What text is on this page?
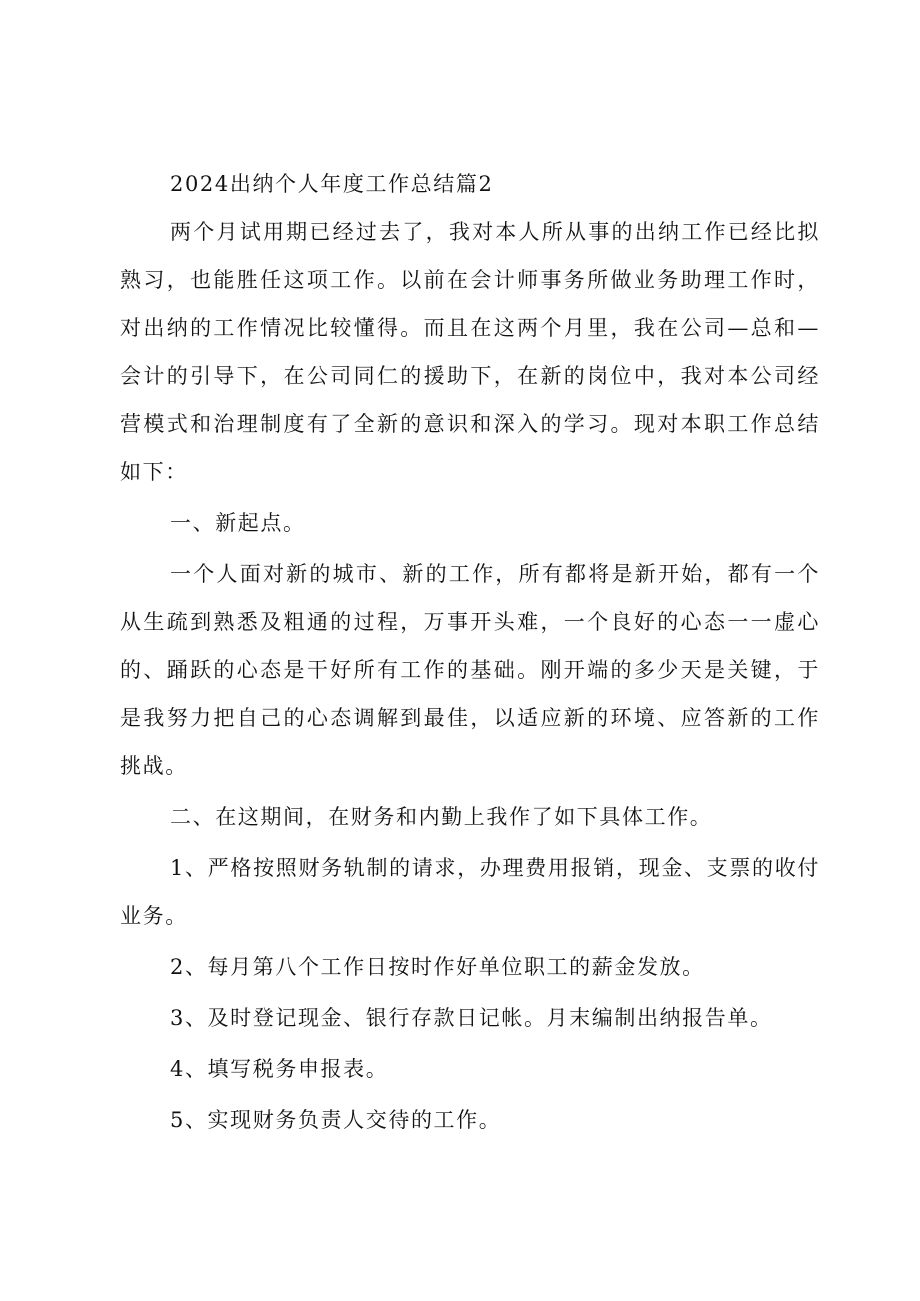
2024出纳个人年度工作总结篇2

两个月试用期已经过去了，我对本人所从事的出纳工作已经比拟熟习，也能胜任这项工作。以前在会计师事务所做业务助理工作时，对出纳的工作情况比较懂得。而且在这两个月里，我在公司—总和—会计的引导下，在公司同仁的援助下，在新的岗位中，我对本公司经营模式和治理制度有了全新的意识和深入的学习。现对本职工作总结如下：

一、新起点。

一个人面对新的城市、新的工作，所有都将是新开始，都有一个从生疏到熟悉及粗通的过程，万事开头难，一个良好的心态一一虚心的、踊跃的心态是干好所有工作的基础。刚开端的多少天是关键，于是我努力把自己的心态调解到最佳，以适应新的环境、应答新的工作挑战。

二、在这期间，在财务和内勤上我作了如下具体工作。

1、严格按照财务轨制的请求，办理费用报销，现金、支票的收付业务。

2、每月第八个工作日按时作好单位职工的薪金发放。

3、及时登记现金、银行存款日记帐。月末编制出纳报告单。

4、填写税务申报表。

5、实现财务负责人交待的工作。
